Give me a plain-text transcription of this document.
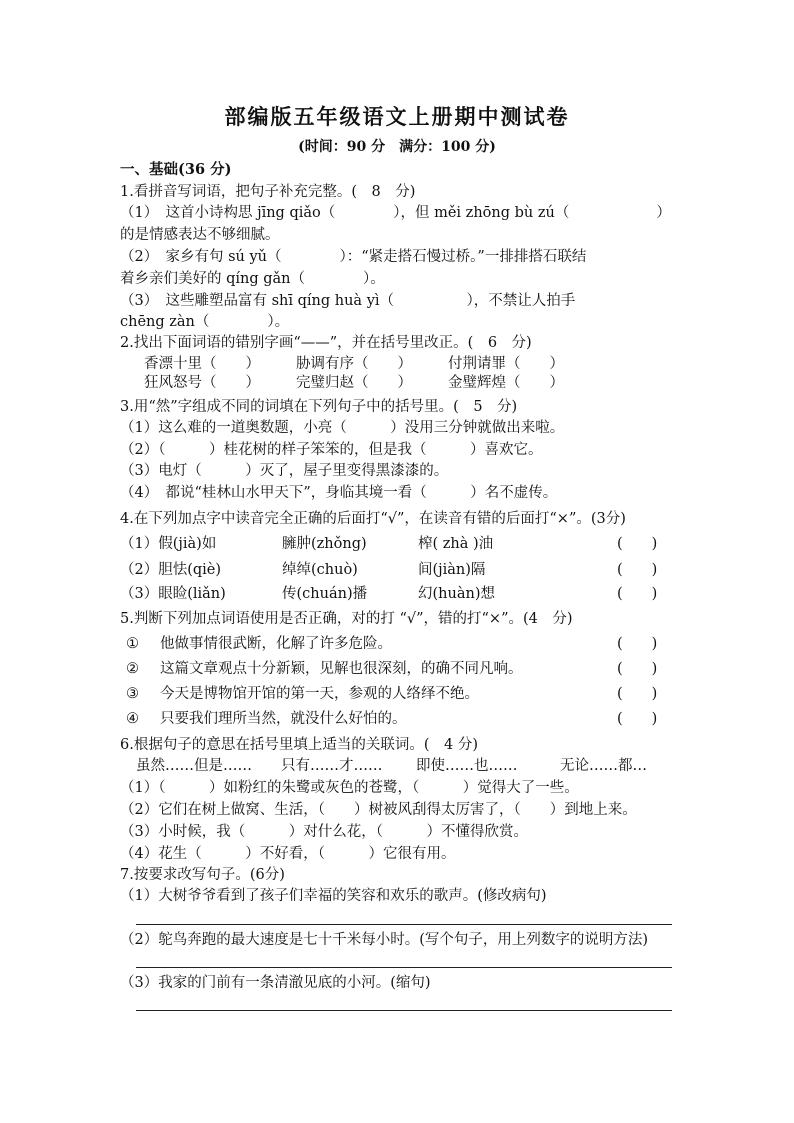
部编版五年级语文上册期中测试卷
(时间：90 分　满分：100 分)
一、基础(36 分)
1.看拼音写词语，把句子补充完整。(　8　分)
（1）　这首小诗构思 jīng qiǎo（　　　　），但 měi zhōng bù zú（　　　　　　）
的是情感表达不够细腻。
（2）　家乡有句 sú yǔ（　　　　）：“紧走搭石慢过桥。”一排排搭石联结
着乡亲们美好的 qíng gǎn（　　　　）。
（3）　这些雕塑品富有 shī qíng huà yì（　　　　　），不禁让人拍手
chēng zàn（　　　　）。
2.找出下面词语的错别字画“——”，并在括号里改正。(　6　分)
香漂十里（　　） 胁调有序（　　） 付荆请罪（　　）
狂风怒号（　　） 完璧归赵（　　） 金璧辉煌（　　）
3.用“然”字组成不同的词填在下列句子中的括号里。(　5　分)
（1）这么难的一道奥数题，小亮（　　　）没用三分钟就做出来啦。
（2）（　　　）桂花树的样子笨笨的，但是我（　　　）喜欢它。
（3）电灯（　　　）灭了，屋子里变得黑漆漆的。
（4）　都说“桂林山水甲天下”，身临其境一看（　　　）名不虚传。
4.在下列加点字中读音完全正确的后面打“√”，在读音有错的后面打“×”。(3分)
（1）假(jià)如	臃肿(zhǒng)	榨( zhà )油	(　　)
（2）胆怯(qiè)	绰绰(chuò)	间(jiàn)隔	(　　)
（3）眼睑(liǎn)	传(chuán)播	幻(huàn)想	(　　)
5.判断下列加点词语使用是否正确，对的打 “√”，错的打“×”。(4　分)
① 他做事情很武断，化解了许多危险。	(　　)
② 这篇文章观点十分新颖，见解也很深刻，的确不同凡响。	(　　)
③ 今天是博物馆开馆的第一天，参观的人络绎不绝。	(　　)
④ 只要我们理所当然，就没什么好怕的。	(　　)
6.根据句子的意思在括号里填上适当的关联词。(　4 分)
虽然……但是…… 只有……才…… 即使……也……	无论……都…
（1）（　　　）如粉红的朱鹭或灰色的苍鹭，（　　　）觉得大了一些。
（2）它们在树上做窝、生活，（　　）树被风刮得太厉害了，（　　）到地上来。
（3）小时候，我（　　　）对什么花，（　　　）不懂得欣赏。
（4）花生（　　　）不好看，（　　　）它很有用。
7.按要求改写句子。(6分)
（1）大树爷爷看到了孩子们幸福的笑容和欢乐的歌声。(修改病句)
（2）鸵鸟奔跑的最大速度是七十千米每小时。(写个句子，用上列数字的说明方法)
（3）我家的门前有一条清澈见底的小河。(缩句)
